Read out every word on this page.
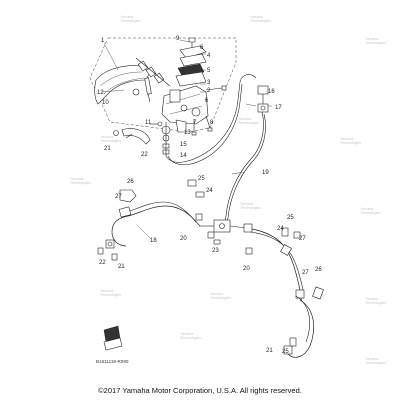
Yamaha
Technologies
Yamaha
Technologies
Yamaha
Technologies
Yamaha
Technologies
Yamaha
Technologies
Yamaha
Technologies
Yamaha
Technologies
Yamaha
Technologies	Yamaha
Technologies
Yamaha
Technologies	Yamaha
Technologies	Yamaha
Technologies
Yamaha
Technologies
Yamaha
Technologies
1	9
6
4
5
3
2
6
12
10
8
7
11
13
16
17
21
22
15
14
19
25
24
26
27
18	20
23
25
24
27
20
22
21
27 26
21 25
B1611119-R090
©2017 Yamaha Motor Corporation, U.S.A. All rights reserved.
